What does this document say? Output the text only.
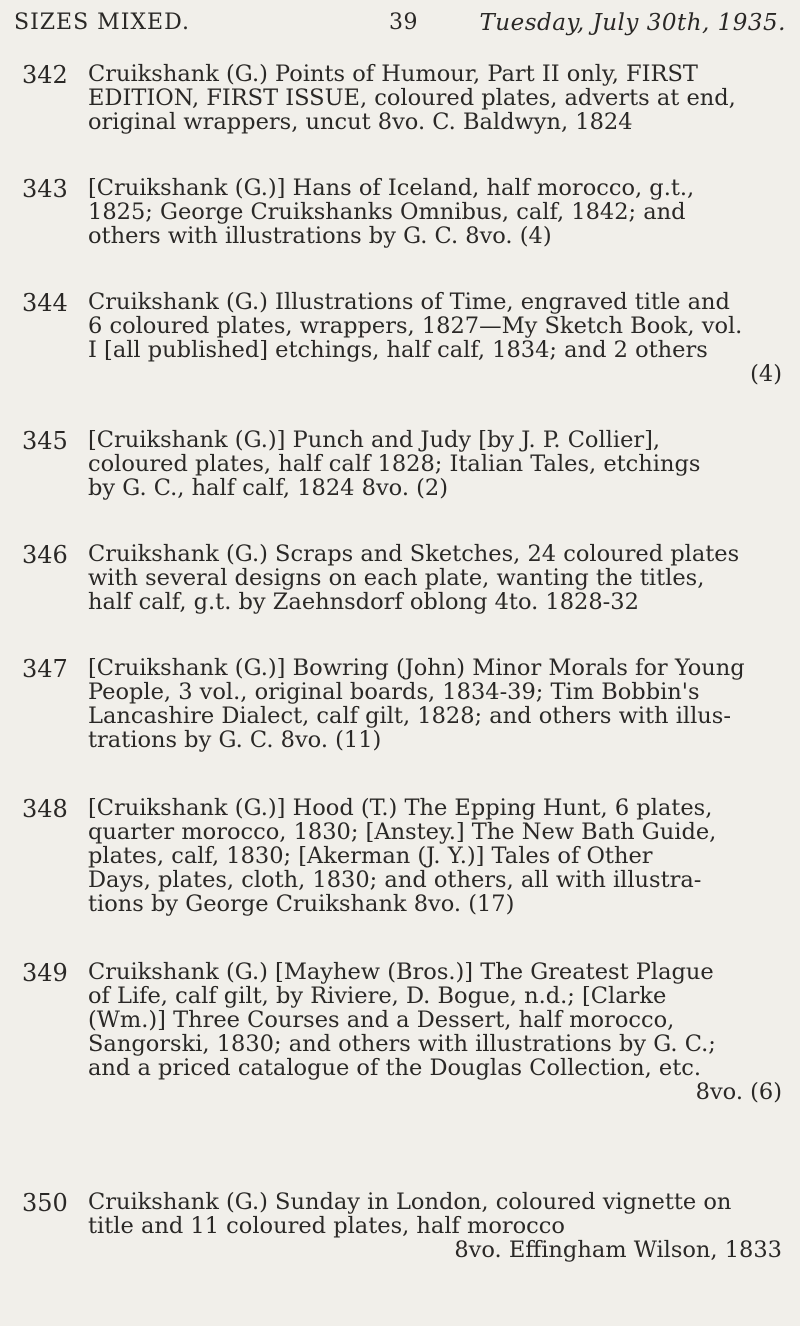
SIZES MIXED.	39	Tuesday, July 30th, 1935.
342 Cruikshank (G.) Points of Humour, Part II only, FIRST
EDITION, FIRST ISSUE, coloured plates, adverts at end,
original wrappers, uncut 8vo. C. Baldwyn, 1824
343 [Cruikshank (G.)] Hans of Iceland, half morocco, g.t.,
1825; George Cruikshanks Omnibus, calf, 1842; and
others with illustrations by G. C. 8vo. (4)
344 Cruikshank (G.) Illustrations of Time, engraved title and
6 coloured plates, wrappers, 1827—My Sketch Book, vol.
I [all published] etchings, half calf, 1834; and 2 others
(4)
345 [Cruikshank (G.)] Punch and Judy [by J. P. Collier],
coloured plates, half calf 1828; Italian Tales, etchings
by G. C., half calf, 1824 8vo. (2)
346 Cruikshank (G.) Scraps and Sketches, 24 coloured plates
with several designs on each plate, wanting the titles,
half calf, g.t. by Zaehnsdorf oblong 4to. 1828-32
347 [Cruikshank (G.)] Bowring (John) Minor Morals for Young
People, 3 vol., original boards, 1834-39; Tim Bobbin's
Lancashire Dialect, calf gilt, 1828; and others with illus-
trations by G. C. 8vo. (11)
348 [Cruikshank (G.)] Hood (T.) The Epping Hunt, 6 plates,
quarter morocco, 1830; [Anstey.] The New Bath Guide,
plates, calf, 1830; [Akerman (J. Y.)] Tales of Other
Days, plates, cloth, 1830; and others, all with illustra-
tions by George Cruikshank 8vo. (17)
349 Cruikshank (G.) [Mayhew (Bros.)] The Greatest Plague
of Life, calf gilt, by Riviere, D. Bogue, n.d.; [Clarke
(Wm.)] Three Courses and a Dessert, half morocco,
Sangorski, 1830; and others with illustrations by G. C.;
and a priced catalogue of the Douglas Collection, etc.
8vo. (6)
350 Cruikshank (G.) Sunday in London, coloured vignette on
title and 11 coloured plates, half morocco
8vo. Effingham Wilson, 1833
